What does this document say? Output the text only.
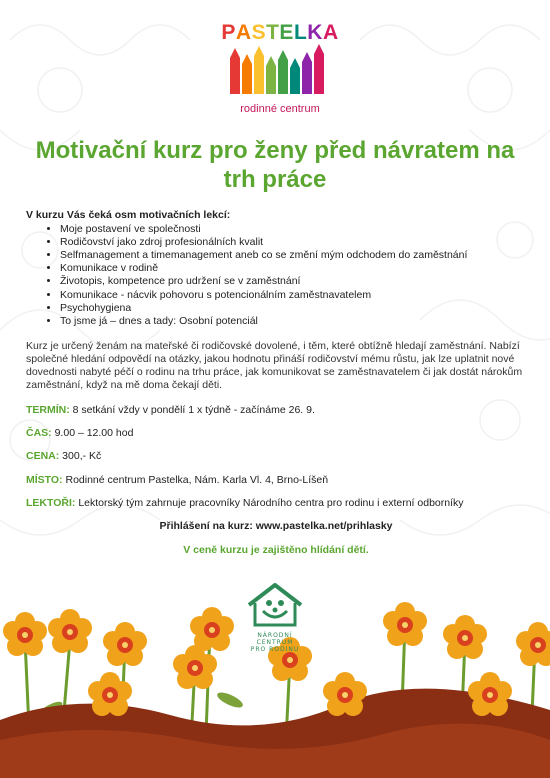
PASTELKA
rodinné centrum
Motivační kurz pro ženy před návratem na trh práce
V kurzu Vás čeká osm motivačních lekcí:
• Moje postavení ve společnosti
• Rodičovství jako zdroj profesionálních kvalit
• Selfmanagement a timemanagement aneb co se změní mým odchodem do zaměstnání
• Komunikace v rodině
• Životopis, kompetence pro udržení se v zaměstnání
• Komunikace - nácvik pohovoru s potencionálním zaměstnavatelem
• Psychohygiena
• To jsme já – dnes a tady: Osobní potenciál
Kurz je určený ženám na mateřské či rodičovské dovolené, i těm, které obtížně hledají zaměstnání. Nabízí společné hledání odpovědí na otázky, jakou hodnotu přináší rodičovství mému růstu, jak lze uplatnit nové dovednosti nabyté péčí o rodinu na trhu práce, jak komunikovat se zaměstnavatelem či jak dostát nárokům zaměstnání, když na mě doma čekají děti.
TERMÍN: 8 setkání vždy v pondělí 1 x týdně - začínáme 26. 9.
ČAS: 9.00 – 12.00 hod
CENA: 300,- Kč
MÍSTO: Rodinné centrum Pastelka, Nám. Karla Vl. 4, Brno-Líšeň
LEKTOŘI: Lektorský tým zahrnuje pracovníky Národního centra pro rodinu i externí odborníky
Přihlášení na kurz: www.pastelka.net/prihlasky
V ceně kurzu je zajištěno hlídání dětí.
NÁRODNÍ
CENTRUM
PRO RODINU
